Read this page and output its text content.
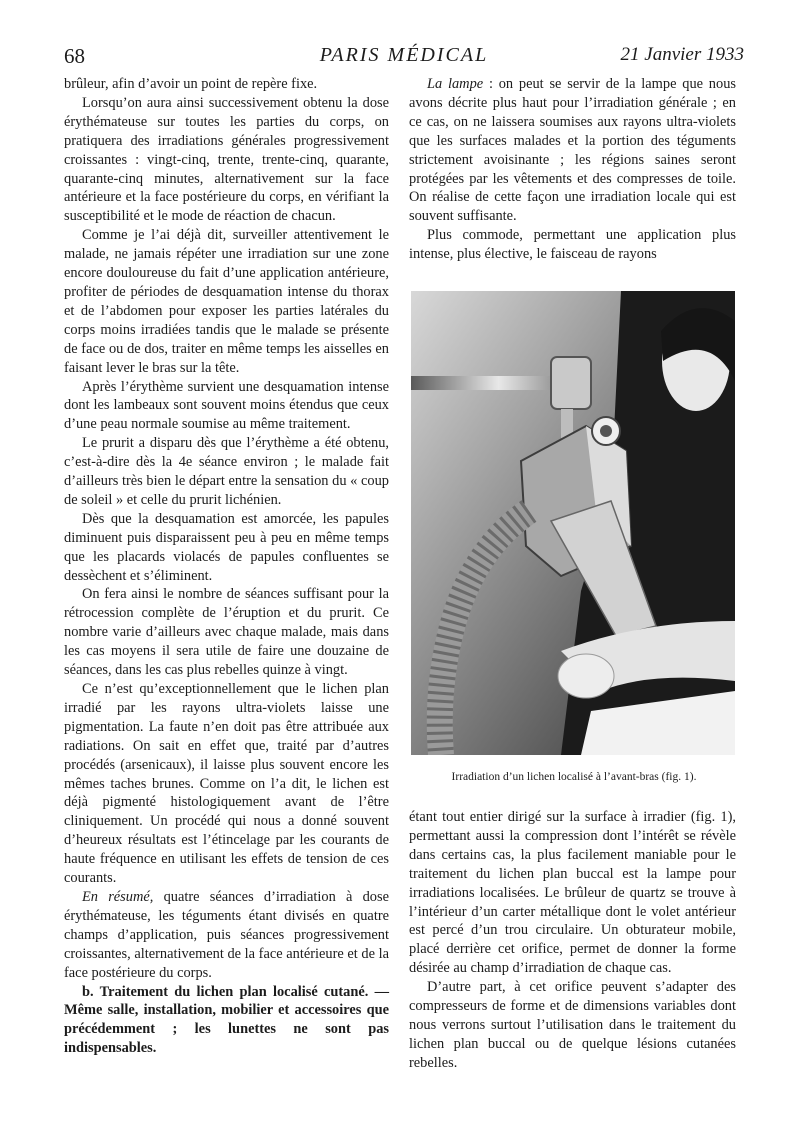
68	PARIS MÉDICAL	21 Janvier 1933

brûleur, afin d’avoir un point de repère fixe.

Lorsqu’on aura ainsi successivement obtenu la dose érythémateuse sur toutes les parties du corps, on pratiquera des irradiations générales progressivement croissantes : vingt-cinq, trente, trente-cinq, quarante, quarante-cinq minutes, alternativement sur la face antérieure et la face postérieure du corps, en vérifiant la susceptibilité et le mode de réaction de chacun.

Comme je l’ai déjà dit, surveiller attentivement le malade, ne jamais répéter une irradiation sur une zone encore douloureuse du fait d’une application antérieure, profiter de périodes de desquamation intense du thorax et de l’abdomen pour exposer les parties latérales du corps moins irradiées tandis que le malade se présente de face ou de dos, traiter en même temps les aisselles en faisant lever le bras sur la tête.

Après l’érythème survient une desquamation intense dont les lambeaux sont souvent moins étendus que ceux d’une peau normale soumise au même traitement.

Le prurit a disparu dès que l’érythème a été obtenu, c’est-à-dire dès la 4e séance environ ; le malade fait d’ailleurs très bien le départ entre la sensation du « coup de soleil » et celle du prurit lichénien.

Dès que la desquamation est amorcée, les papules diminuent puis disparaissent peu à peu en même temps que les placards violacés de papules confluentes se dessèchent et s’éliminent.

On fera ainsi le nombre de séances suffisant pour la rétrocession complète de l’éruption et du prurit. Ce nombre varie d’ailleurs avec chaque malade, mais dans les cas moyens il sera utile de faire une douzaine de séances, dans les cas plus rebelles quinze à vingt.

Ce n’est qu’exceptionnellement que le lichen plan irradié par les rayons ultra-violets laisse une pigmentation. La faute n’en doit pas être attribuée aux radiations. On sait en effet que, traité par d’autres procédés (arsenicaux), il laisse plus souvent encore les mêmes taches brunes. Comme on l’a dit, le lichen est déjà pigmenté histologiquement avant de l’être cliniquement. Un procédé qui nous a donné souvent d’heureux résultats est l’étincelage par les courants de haute fréquence en utilisant les effets de tension de ces courants.

En résumé, quatre séances d’irradiation à dose érythémateuse, les téguments étant divisés en quatre champs d’application, puis séances progressivement croissantes, alternativement de la face antérieure et de la face postérieure du corps.

b. Traitement du lichen plan localisé cutané. — Même salle, installation, mobilier et accessoires que précédemment ; les lunettes ne sont pas indispensables.

La lampe : on peut se servir de la lampe que nous avons décrite plus haut pour l’irradiation générale ; en ce cas, on ne laissera soumises aux rayons ultra-violets que les surfaces malades et la portion des téguments strictement avoisinante ; les régions saines seront protégées par les vêtements et des compresses de toile. On réalise de cette façon une irradiation locale qui est souvent suffisante.

Plus commode, permettant une application plus intense, plus élective, le faisceau de rayons

Irradiation d’un lichen localisé à l’avant-bras (fig. 1).

étant tout entier dirigé sur la surface à irradier (fig. 1), permettant aussi la compression dont l’intérêt se révèle dans certains cas, la plus facilement maniable pour le traitement du lichen plan buccal est la lampe pour irradiations localisées. Le brûleur de quartz se trouve à l’intérieur d’un carter métallique dont le volet antérieur est percé d’un trou circulaire. Un obturateur mobile, placé derrière cet orifice, permet de donner la forme désirée au champ d’irradiation de chaque cas.

D’autre part, à cet orifice peuvent s’adapter des compresseurs de forme et de dimensions variables dont nous verrons surtout l’utilisation dans le traitement du lichen plan buccal ou de quelque lésions cutanées rebelles.
